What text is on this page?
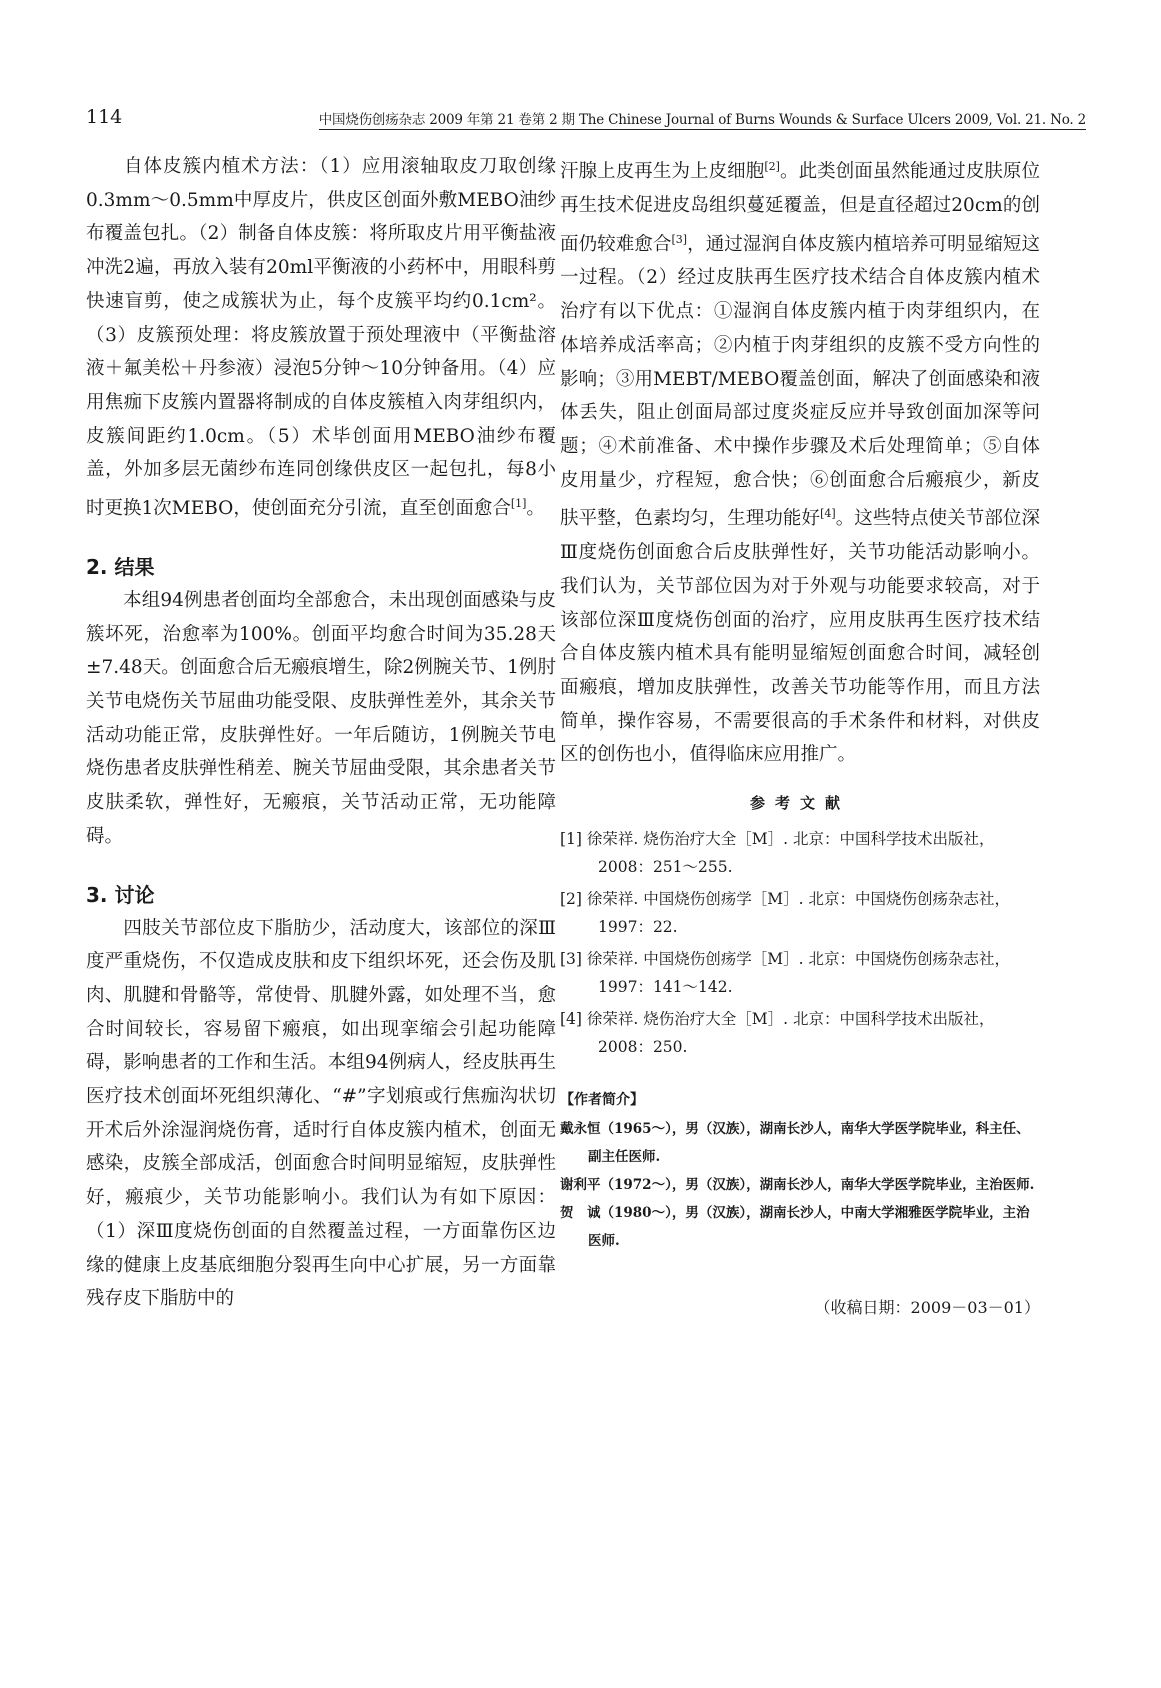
114	中国烧伤创疡杂志 2009 年第 21 卷第 2 期 The Chinese Journal of Burns Wounds & Surface Ulcers 2009, Vol. 21. No. 2

自体皮簇内植术方法：（1）应用滚轴取皮刀取创缘0.3mm～0.5mm中厚皮片，供皮区创面外敷MEBO油纱布覆盖包扎。（2）制备自体皮簇：将所取皮片用平衡盐液冲洗2遍，再放入装有20ml平衡液的小药杯中，用眼科剪快速盲剪，使之成簇状为止，每个皮簇平均约0.1cm²。（3）皮簇预处理：将皮簇放置于预处理液中（平衡盐溶液＋氟美松＋丹参液）浸泡5分钟～10分钟备用。（4）应用焦痂下皮簇内置器将制成的自体皮簇植入肉芽组织内，皮簇间距约1.0cm。（5）术毕创面用MEBO油纱布覆盖，外加多层无菌纱布连同创缘供皮区一起包扎，每8小时更换1次MEBO，使创面充分引流，直至创面愈合[1]。

2. 结果

本组94例患者创面均全部愈合，未出现创面感染与皮簇坏死，治愈率为100%。创面平均愈合时间为35.28天±7.48天。创面愈合后无瘢痕增生，除2例腕关节、1例肘关节电烧伤关节屈曲功能受限、皮肤弹性差外，其余关节活动功能正常，皮肤弹性好。一年后随访，1例腕关节电烧伤患者皮肤弹性稍差、腕关节屈曲受限，其余患者关节皮肤柔软，弹性好，无瘢痕，关节活动正常，无功能障碍。

3. 讨论

四肢关节部位皮下脂肪少，活动度大，该部位的深Ⅲ度严重烧伤，不仅造成皮肤和皮下组织坏死，还会伤及肌肉、肌腱和骨骼等，常使骨、肌腱外露，如处理不当，愈合时间较长，容易留下瘢痕，如出现挛缩会引起功能障碍，影响患者的工作和生活。本组94例病人，经皮肤再生医疗技术创面坏死组织薄化、“#”字划痕或行焦痂沟状切开术后外涂湿润烧伤膏，适时行自体皮簇内植术，创面无感染，皮簇全部成活，创面愈合时间明显缩短，皮肤弹性好，瘢痕少，关节功能影响小。我们认为有如下原因：（1）深Ⅲ度烧伤创面的自然覆盖过程，一方面靠伤区边缘的健康上皮基底细胞分裂再生向中心扩展，另一方面靠残存皮下脂肪中的

汗腺上皮再生为上皮细胞[2]。此类创面虽然能通过皮肤原位再生技术促进皮岛组织蔓延覆盖，但是直径超过20cm的创面仍较难愈合[3]，通过湿润自体皮簇内植培养可明显缩短这一过程。（2）经过皮肤再生医疗技术结合自体皮簇内植术治疗有以下优点：①湿润自体皮簇内植于肉芽组织内，在体培养成活率高；②内植于肉芽组织的皮簇不受方向性的影响；③用MEBT/MEBO覆盖创面，解决了创面感染和液体丢失，阻止创面局部过度炎症反应并导致创面加深等问题；④术前准备、术中操作步骤及术后处理简单；⑤自体皮用量少，疗程短，愈合快；⑥创面愈合后瘢痕少，新皮肤平整，色素均匀，生理功能好[4]。这些特点使关节部位深Ⅲ度烧伤创面愈合后皮肤弹性好，关节功能活动影响小。我们认为，关节部位因为对于外观与功能要求较高，对于该部位深Ⅲ度烧伤创面的治疗，应用皮肤再生医疗技术结合自体皮簇内植术具有能明显缩短创面愈合时间，减轻创面瘢痕，增加皮肤弹性，改善关节功能等作用，而且方法简单，操作容易，不需要很高的手术条件和材料，对供皮区的创伤也小，值得临床应用推广。

参考文献

[1] 徐荣祥. 烧伤治疗大全［M］. 北京：中国科学技术出版社，2008：251～255.

[2] 徐荣祥. 中国烧伤创疡学［M］. 北京：中国烧伤创疡杂志社，1997：22.

[3] 徐荣祥. 中国烧伤创疡学［M］. 北京：中国烧伤创疡杂志社，1997：141～142.

[4] 徐荣祥. 烧伤治疗大全［M］. 北京：中国科学技术出版社，2008：250.

【作者简介】

戴永恒（1965～），男（汉族），湖南长沙人，南华大学医学院毕业，科主任、副主任医师.

谢利平（1972～），男（汉族），湖南长沙人，南华大学医学院毕业，主治医师.

贺　诚（1980～），男（汉族），湖南长沙人，中南大学湘雅医学院毕业，主治医师.

（收稿日期：2009－03－01）
